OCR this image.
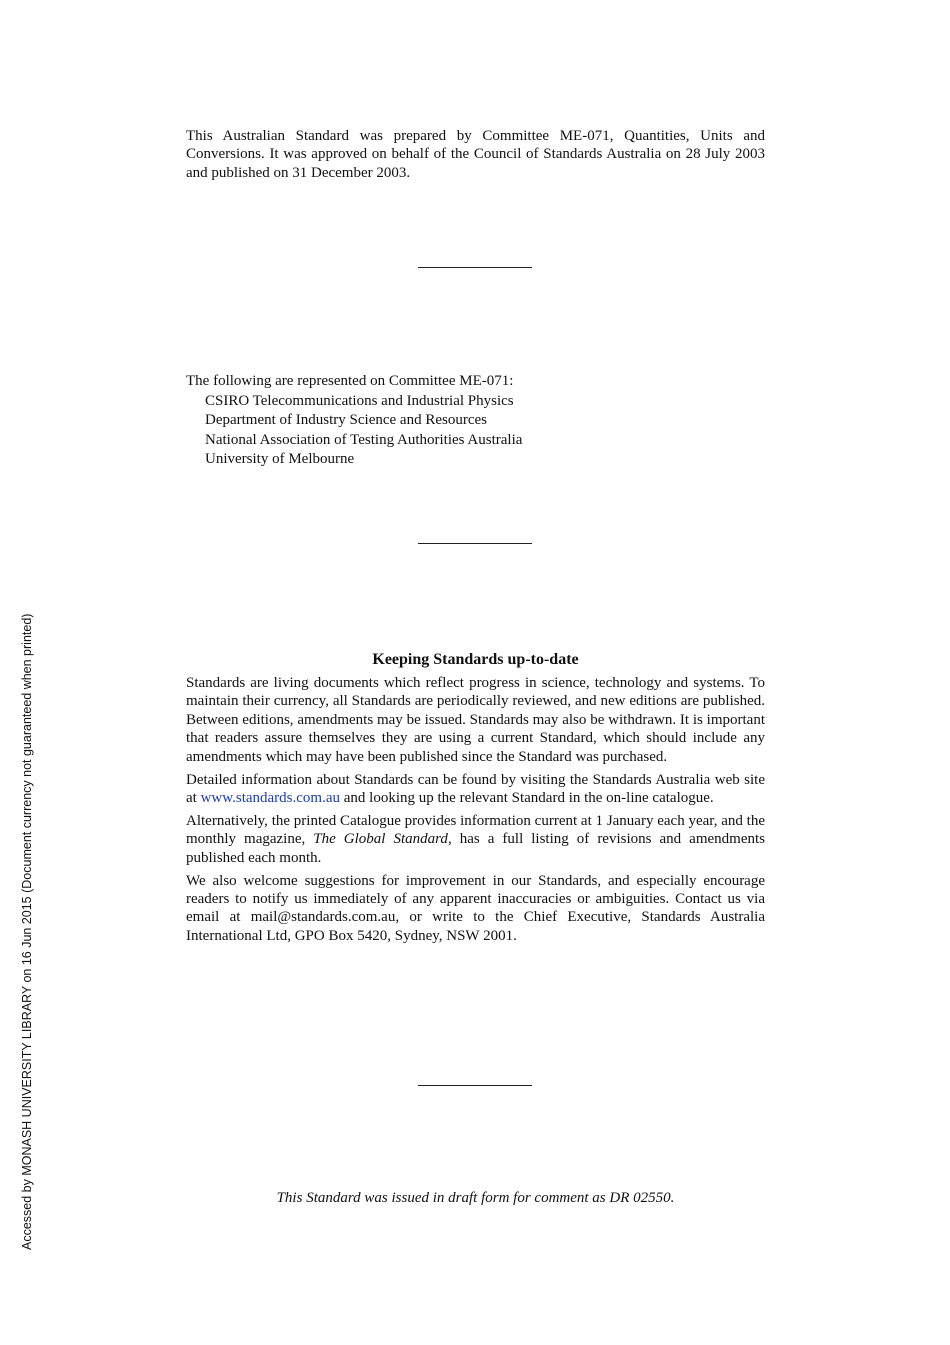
This Australian Standard was prepared by Committee ME-071, Quantities, Units and Conversions. It was approved on behalf of the Council of Standards Australia on 28 July 2003 and published on 31 December 2003.
The following are represented on Committee ME-071:
CSIRO Telecommunications and Industrial Physics
Department of Industry Science and Resources
National Association of Testing Authorities Australia
University of Melbourne
Keeping Standards up-to-date

Standards are living documents which reflect progress in science, technology and systems. To maintain their currency, all Standards are periodically reviewed, and new editions are published. Between editions, amendments may be issued. Standards may also be withdrawn. It is important that readers assure themselves they are using a current Standard, which should include any amendments which may have been published since the Standard was purchased.

Detailed information about Standards can be found by visiting the Standards Australia web site at www.standards.com.au and looking up the relevant Standard in the on-line catalogue.

Alternatively, the printed Catalogue provides information current at 1 January each year, and the monthly magazine, The Global Standard, has a full listing of revisions and amendments published each month.

We also welcome suggestions for improvement in our Standards, and especially encourage readers to notify us immediately of any apparent inaccuracies or ambiguities. Contact us via email at mail@standards.com.au, or write to the Chief Executive, Standards Australia International Ltd, GPO Box 5420, Sydney, NSW 2001.

This Standard was issued in draft form for comment as DR 02550.
Accessed by MONASH UNIVERSITY LIBRARY on 16 Jun 2015 (Document currency not guaranteed when printed)
